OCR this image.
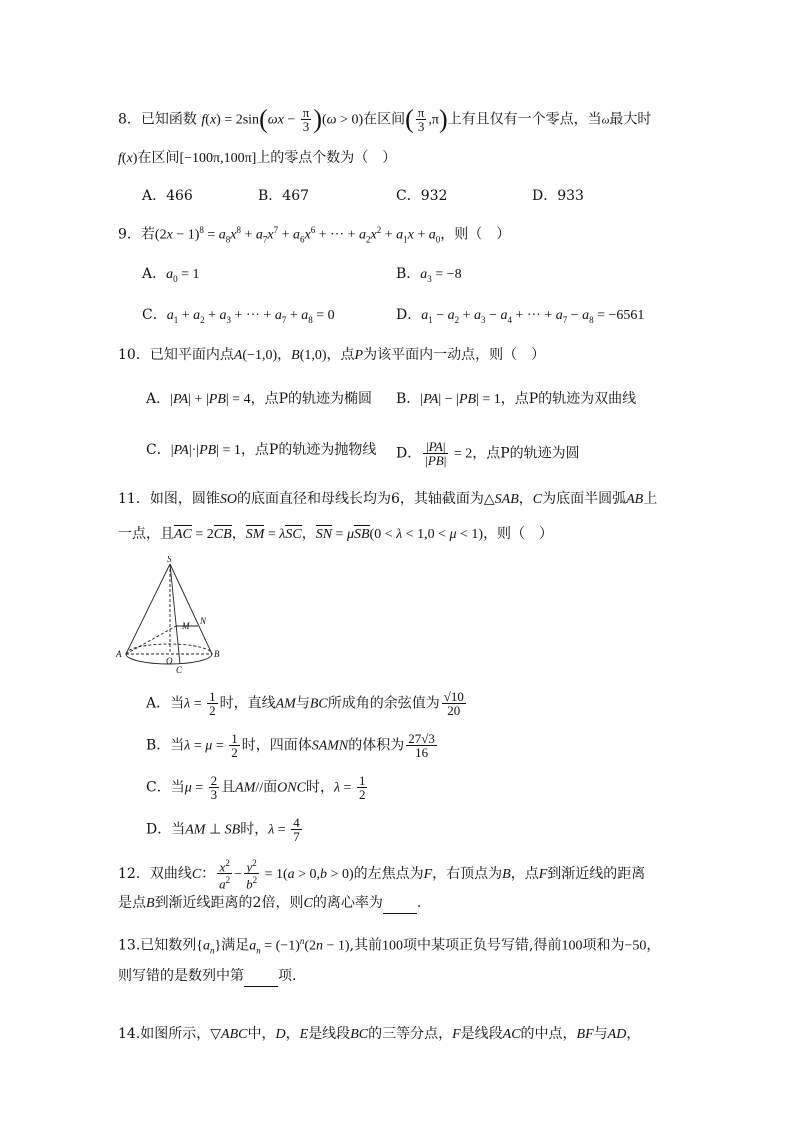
8．已知函数 $f(x) = 2\sin(\omega x - \frac{\pi}{3} )(\omega > 0)$在区间( $\frac{\pi}{3} ,\pi$)上有且仅有一个零点，当ω最大时
f(x)在区间[−100π,100π]上的零点个数为（　）
A．466	B．467	C．932	D．933
9．若$(2x - 1)^8 = a_8x^8 + a_7x^7 + a_6x^6$ + ··· + $a_2x^2 + a_1x + a_0$，则（　）
A．$a_0 = 1$	B．$a_3 = -8$
C．$a_1 + a_2 + a_3$ + ··· + $a_7 + a_8 = 0$	D．$a_1 - a_2 + a_3 - a_4$ + ··· + $a_7 - a_8 = -6561$
10．已知平面内点A(−1,0)，B(1,0)，点P为该平面内一动点，则（　）
A．|PA| + |PB| = 4，点P的轨迹为椭圆 B．|PA| − |PB| = 1，点P的轨迹为双曲线
C．|PA|·|PB| = 1，点P的轨迹为抛物线 D． $\frac{|PA|}{|PB|} = 2$，点P的轨迹为圆
11．如图，圆锥SO的底面直径和母线长均为6，其轴截面为△SAB，C为底面半圆弧AB上
一点，且AC = 2CB，SM = λSC，SN = μSB(0 < λ < 1,0 < μ < 1)，则（　）
S
M N
A
O
B
C
A．当$\lambda = \frac{1}{2}$ 时，直线AM与BC所成角的余弦值为 $\frac{√10}{20}$
B．当$\lambda = \mu = \frac{1}{2}$ 时，四面体SAMN的体积为 $\frac{27√3}{16}$
C．当$\mu = \frac{2}{3}$ 且AM//面ONC时，$\lambda = \frac{1}{2}$
D．当AM ⊥ SB时，$\lambda = \frac{4}{7}$
12．双曲线C： $\frac{x^2}{a^2} - \frac{y^2}{b^2} = 1(a > 0,b > 0)$的左焦点为F，右顶点为B，点F到渐近线的距离
是点B到渐近线距离的2倍，则C的离心率为 .
13.已知数列$\{a_n\}$满足$a_n = (-1)^n(2n - 1)$,其前100项中某项正负号写错,得前100项和为−50，
则写错的是数列中第 项.
14.如图所示，▽ABC中，D，E是线段BC的三等分点，F是线段AC的中点，BF与AD，
